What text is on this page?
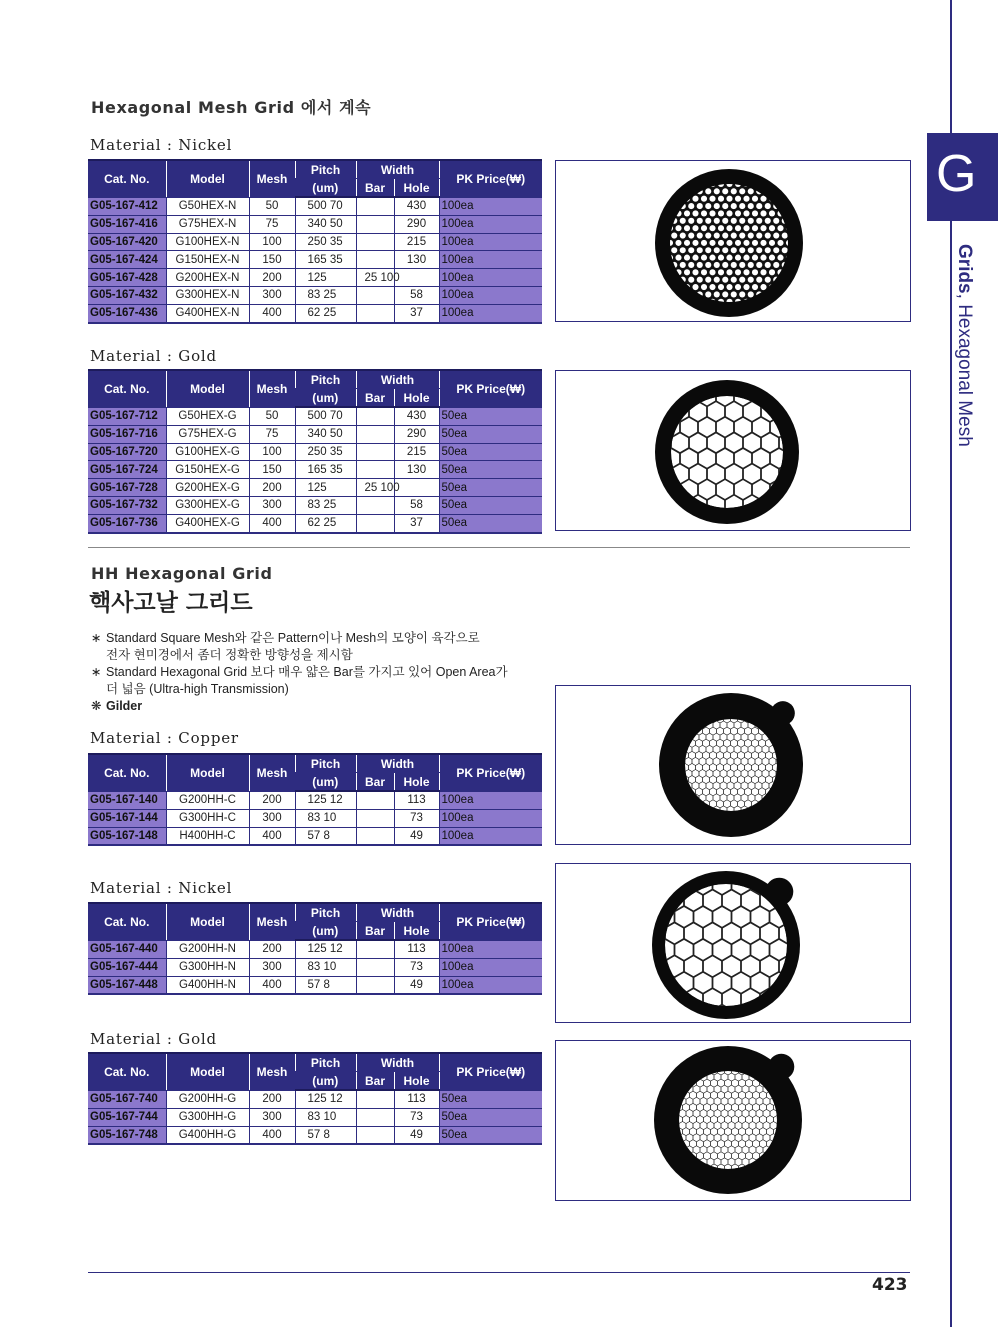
G
Grids, Hexagonal Mesh
Hexagonal Mesh Grid 에서 계속
Material : Nickel
Cat. No.	Model	Mesh	Pitch	Width		PK Price(₩)
			(um)	Bar	Hole	
G05-167-412	G50HEX-N	50	500 70		430	100ea
G05-167-416	G75HEX-N	75	340 50		290	100ea
G05-167-420	G100HEX-N	100	250 35		215	100ea
G05-167-424	G150HEX-N	150	165 35		130	100ea
G05-167-428	G200HEX-N	200	125	25 100		100ea
G05-167-432	G300HEX-N	300	83 25		58	100ea
G05-167-436	G400HEX-N	400	62 25		37	100ea
Material : Gold
Cat. No.	Model	Mesh	Pitch	Width		PK Price(₩)
			(um)	Bar	Hole	
G05-167-712	G50HEX-G	50	500 70		430	50ea
G05-167-716	G75HEX-G	75	340 50		290	50ea
G05-167-720	G100HEX-G	100	250 35		215	50ea
G05-167-724	G150HEX-G	150	165 35		130	50ea
G05-167-728	G200HEX-G	200	125	25 100		50ea
G05-167-732	G300HEX-G	300	83 25		58	50ea
G05-167-736	G400HEX-G	400	62 25		37	50ea
HH Hexagonal Grid
핵사고날 그리드
∗ Standard Square Mesh와 같은 Pattern이나 Mesh의 모양이 육각으로
전자 현미경에서 좀더 정확한 방향성을 제시함
∗ Standard Hexagonal Grid 보다 매우 얇은 Bar를 가지고 있어 Open Area가
더 넓음 (Ultra-high Transmission)
❋ Gilder
Material : Copper
Cat. No.	Model	Mesh	Pitch	Width		PK Price(₩)
			(um)	Bar	Hole	
G05-167-140	G200HH-C	200	125 12		113	100ea
G05-167-144	G300HH-C	300	83 10		73	100ea
G05-167-148	H400HH-C	400	57 8		49	100ea
Material : Nickel
Cat. No.	Model	Mesh	Pitch	Width		PK Price(₩)
			(um)	Bar	Hole	
G05-167-440	G200HH-N	200	125 12		113	100ea
G05-167-444	G300HH-N	300	83 10		73	100ea
G05-167-448	G400HH-N	400	57 8		49	100ea
Material : Gold
Cat. No.	Model	Mesh	Pitch	Width		PK Price(₩)
			(um)	Bar	Hole	
G05-167-740	G200HH-G	200	125 12		113	50ea
G05-167-744	G300HH-G	300	83 10		73	50ea
G05-167-748	G400HH-G	400	57 8		49	50ea
423
